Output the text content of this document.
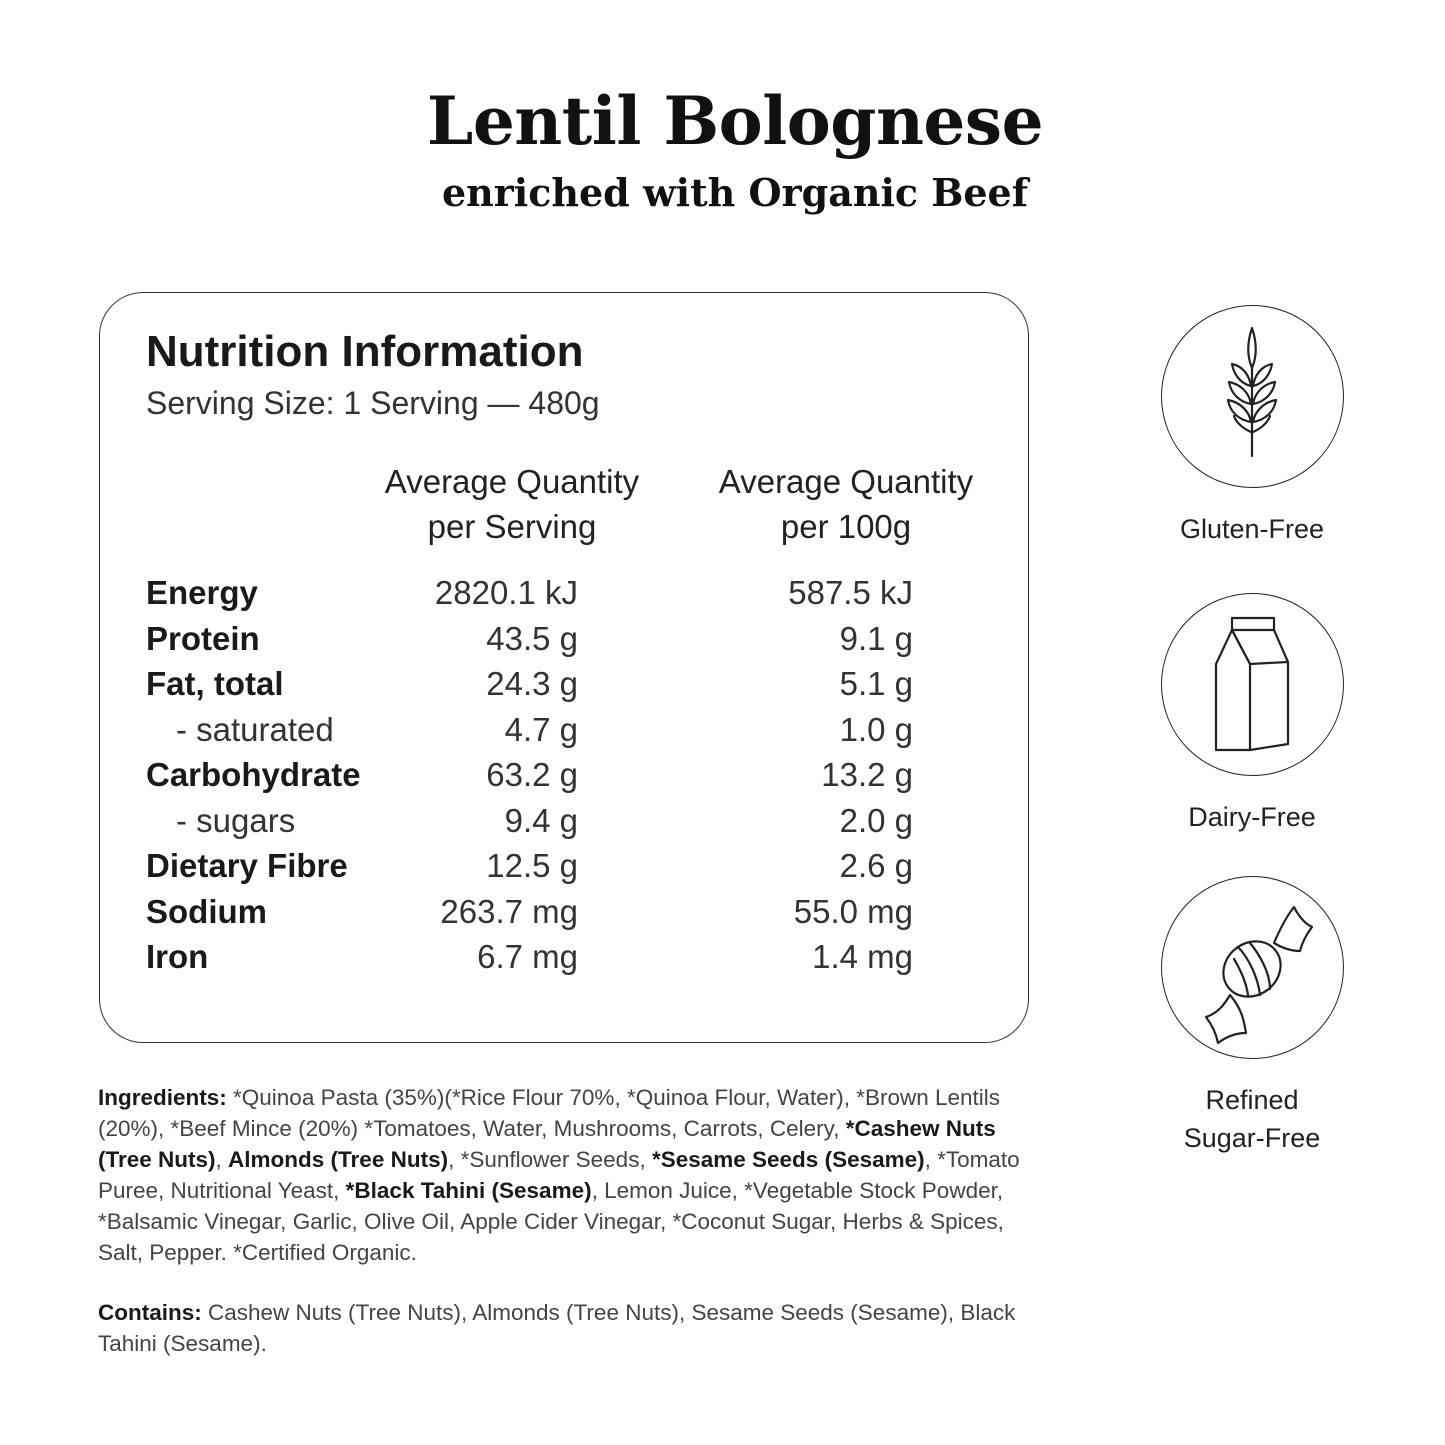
Lentil Bolognese
enriched with Organic Beef
Nutrition Information
Serving Size: 1 Serving — 480g
Average Quantity
per Serving
Average Quantity
per 100g
Energy	2820.1 kJ	587.5 kJ
Protein	43.5 g	9.1 g
Fat, total	24.3 g	5.1 g
- saturated	4.7 g	1.0 g
Carbohydrate	63.2 g	13.2 g
- sugars	9.4 g	2.0 g
Dietary Fibre	12.5 g	2.6 g
Sodium	263.7 mg	55.0 mg
Iron	6.7 mg	1.4 mg

Ingredients: *Quinoa Pasta (35%)(*Rice Flour 70%, *Quinoa Flour, Water), *Brown Lentils (20%), *Beef Mince (20%) *Tomatoes, Water, Mushrooms, Carrots, Celery, *Cashew Nuts (Tree Nuts), Almonds (Tree Nuts), *Sunflower Seeds, *Sesame Seeds (Sesame), *Tomato Puree, Nutritional Yeast, *Black Tahini (Sesame), Lemon Juice, *Vegetable Stock Powder, *Balsamic Vinegar, Garlic, Olive Oil, Apple Cider Vinegar, *Coconut Sugar, Herbs & Spices, Salt, Pepper. *Certified Organic.

Contains: Cashew Nuts (Tree Nuts), Almonds (Tree Nuts), Sesame Seeds (Sesame), Black Tahini (Sesame).

Gluten-Free
Dairy-Free
Refined
Sugar-Free
